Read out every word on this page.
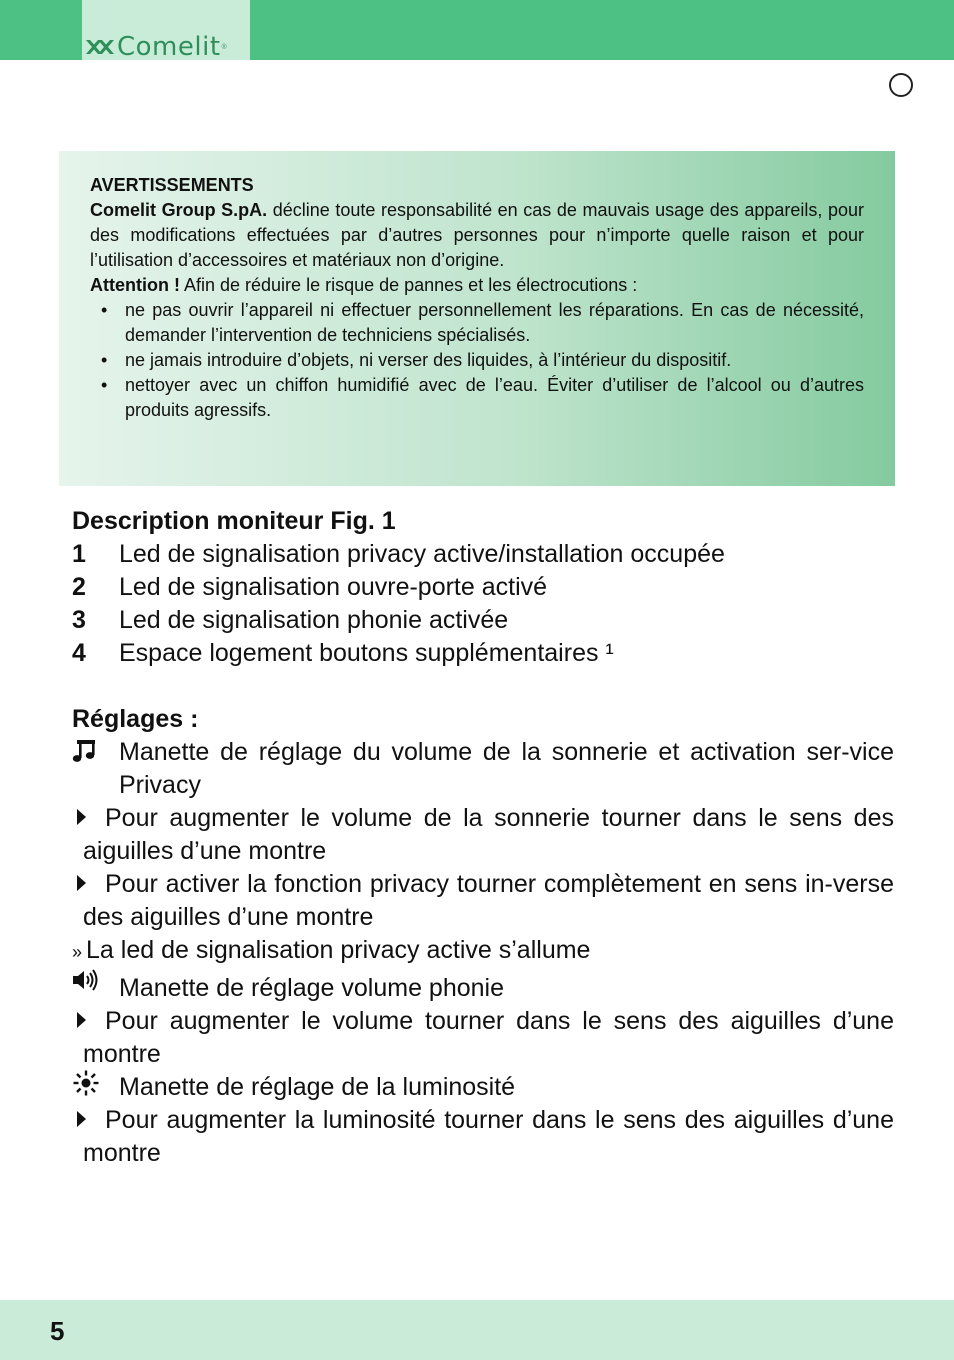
Comelit ®

AVERTISSEMENTS

Comelit Group S.pA. décline toute responsabilité en cas de mauvais usage des appareils, pour des modifications effectuées par d’autres personnes pour n’importe quelle raison et pour l’utilisation d’accessoires et matériaux non d’origine.

Attention ! Afin de réduire le risque de pannes et les électrocutions :

• ne pas ouvrir l’appareil ni effectuer personnellement les réparations. En cas de nécessité, demander l’intervention de techniciens spécialisés.
• ne jamais introduire d’objets, ni verser des liquides, à l’intérieur du dispositif.
• nettoyer avec un chiffon humidifié avec de l’eau. Éviter d’utiliser de l’alcool ou d’autres produits agressifs.

Description moniteur Fig. 1

1 Led de signalisation privacy active/installation occupée

2 Led de signalisation ouvre-porte activé

3 Led de signalisation phonie activée

4 Espace logement boutons supplémentaires ¹

Réglages :

Manette de réglage du volume de la sonnerie et activation ser-vice Privacy

Pour augmenter le volume de la sonnerie tourner dans le sens des aiguilles d’une montre

Pour activer la fonction privacy tourner complètement en sens in-verse des aiguilles d’une montre

» La led de signalisation privacy active s’allume

Manette de réglage volume phonie

Pour augmenter le volume tourner dans le sens des aiguilles d’une montre

Manette de réglage de la luminosité

Pour augmenter la luminosité tourner dans le sens des aiguilles d’une montre

5
